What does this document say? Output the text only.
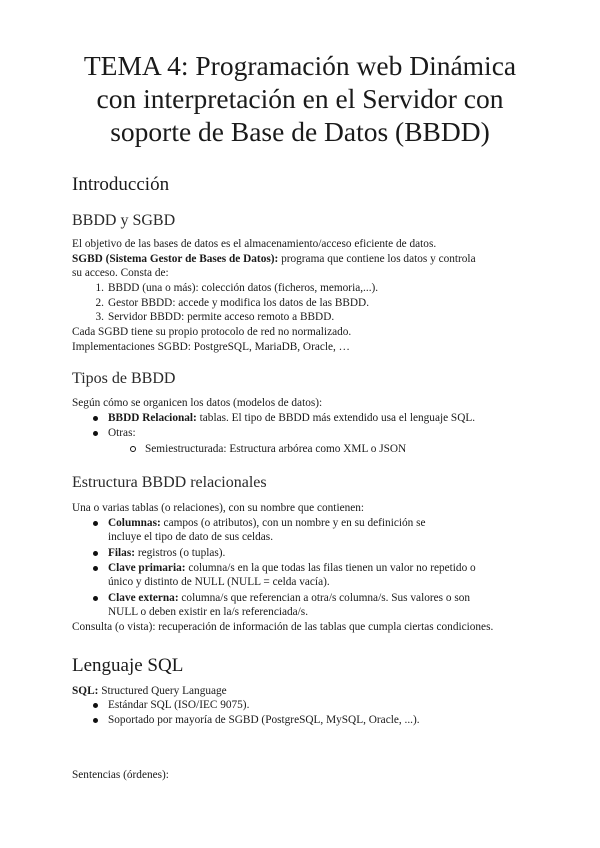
TEMA 4: Programación web Dinámica
con interpretación en el Servidor con
soporte de Base de Datos (BBDD)
Introducción
BBDD y SGBD

El objetivo de las bases de datos es el almacenamiento/acceso eficiente de datos.

SGBD (Sistema Gestor de Bases de Datos): programa que contiene los datos y controla

su acceso. Consta de:

1. BBDD (una o más): colección datos (ficheros, memoria,...).
2. Gestor BBDD: accede y modifica los datos de las BBDD.
3. Servidor BBDD: permite acceso remoto a BBDD.

Cada SGBD tiene su propio protocolo de red no normalizado.

Implementaciones SGBD: PostgreSQL, MariaDB, Oracle, …

Tipos de BBDD

Según cómo se organicen los datos (modelos de datos):

BBDD Relacional: tablas. El tipo de BBDD más extendido usa el lenguaje SQL.
Otras:
Semiestructurada: Estructura arbórea como XML o JSON
Estructura BBDD relacionales

Una o varias tablas (o relaciones), con su nombre que contienen:

Columnas: campos (o atributos), con un nombre y en su definición se
incluye el tipo de dato de sus celdas.
Filas: registros (o tuplas).
Clave primaria: columna/s en la que todas las filas tienen un valor no repetido o
único y distinto de NULL (NULL = celda vacía).
Clave externa: columna/s que referencian a otra/s columna/s. Sus valores o son
NULL o deben existir en la/s referenciada/s.

Consulta (o vista): recuperación de información de las tablas que cumpla ciertas condiciones.

Lenguaje SQL

SQL: Structured Query Language

Estándar SQL (ISO/IEC 9075).
Soportado por mayoría de SGBD (PostgreSQL, MySQL, Oracle, ...).

Sentencias (órdenes):
